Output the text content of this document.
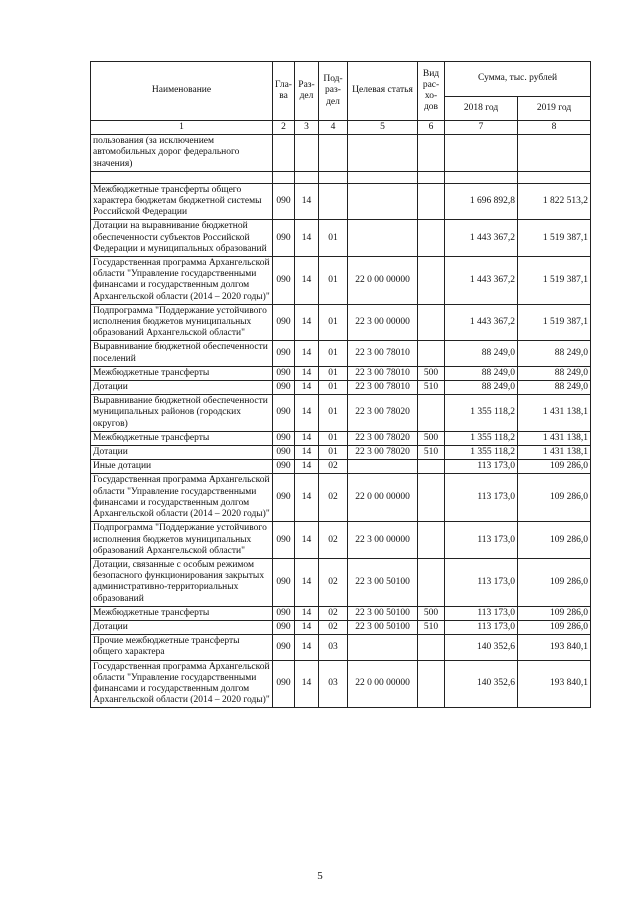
Наименование	Гла-ва	Раз-дел	Под-раз-дел	Целевая статья	Вид рас-хо-дов	Сумма, тыс. рублей	
						2018 год	2019 год
1	2	3	4	5	6	7	8
пользования (за исключением автомобильных дорог федерального значения)							

Межбюджетные трансферты общего характера бюджетам бюджетной системы Российской Федерации	090	14				1 696 892,8	1 822 513,2
Дотации на выравнивание бюджетной обеспеченности субъектов Российской Федерации и муниципальных образований	090	14	01			1 443 367,2	1 519 387,1
Государственная программа Архангельской области "Управление государственными финансами и государственным долгом Архангельской области (2014 – 2020 годы)"	090	14	01	22 0 00 00000		1 443 367,2	1 519 387,1
Подпрограмма "Поддержание устойчивого исполнения бюджетов муниципальных образований Архангельской области"	090	14	01	22 3 00 00000		1 443 367,2	1 519 387,1
Выравнивание бюджетной обеспеченности поселений	090	14	01	22 3 00 78010		88 249,0	88 249,0
Межбюджетные трансферты	090	14	01	22 3 00 78010	500	88 249,0	88 249,0
Дотации	090	14	01	22 3 00 78010	510	88 249,0	88 249,0
Выравнивание бюджетной обеспеченности муниципальных районов (городских округов)	090	14	01	22 3 00 78020		1 355 118,2	1 431 138,1
Межбюджетные трансферты	090	14	01	22 3 00 78020	500	1 355 118,2	1 431 138,1
Дотации	090	14	01	22 3 00 78020	510	1 355 118,2	1 431 138,1
Иные дотации	090	14	02			113 173,0	109 286,0
Государственная программа Архангельской области "Управление государственными финансами и государственным долгом Архангельской области (2014 – 2020 годы)"	090	14	02	22 0 00 00000		113 173,0	109 286,0
Подпрограмма "Поддержание устойчивого исполнения бюджетов муниципальных образований Архангельской области"	090	14	02	22 3 00 00000		113 173,0	109 286,0
Дотации, связанные с особым режимом безопасного функционирования закрытых административно-территориальных образований	090	14	02	22 3 00 50100		113 173,0	109 286,0
Межбюджетные трансферты	090	14	02	22 3 00 50100	500	113 173,0	109 286,0
Дотации	090	14	02	22 3 00 50100	510	113 173,0	109 286,0
Прочие межбюджетные трансферты общего характера	090	14	03			140 352,6	193 840,1
Государственная программа Архангельской области "Управление государственными финансами и государственным долгом Архангельской области (2014 – 2020 годы)"	090	14	03	22 0 00 00000		140 352,6	193 840,1
5
